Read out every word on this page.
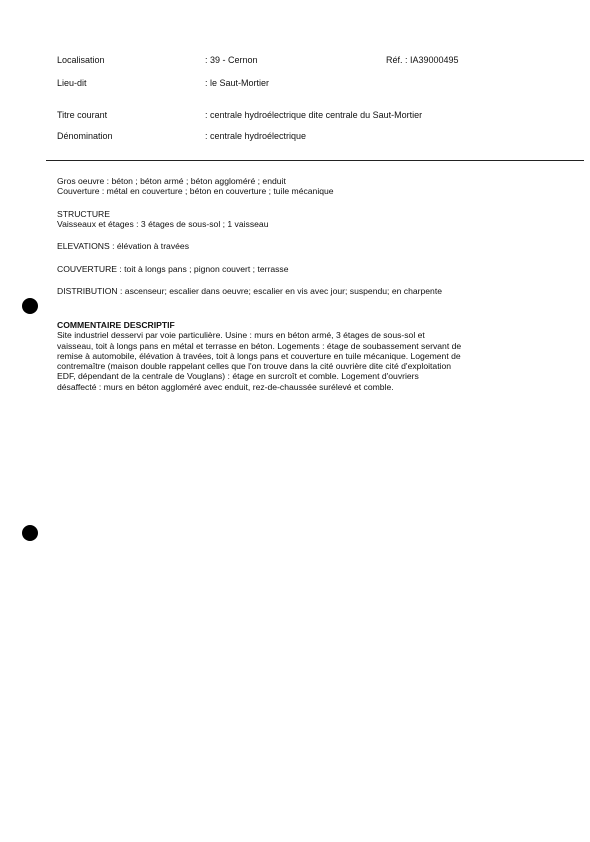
Localisation	: 39 - Cernon	Réf. : IA39000495
Lieu-dit	: le Saut-Mortier
Titre courant	: centrale hydroélectrique dite centrale du Saut-Mortier
Dénomination	: centrale hydroélectrique
Gros oeuvre : béton ; béton armé ; béton aggloméré ; enduit
Couverture : métal en couverture ; béton en couverture ; tuile mécanique
STRUCTURE
Vaisseaux et étages : 3 étages de sous-sol ; 1 vaisseau
ELEVATIONS : élévation à travées
COUVERTURE : toit à longs pans ; pignon couvert ; terrasse
DISTRIBUTION : ascenseur; escalier dans oeuvre; escalier en vis avec jour; suspendu; en charpente
COMMENTAIRE DESCRIPTIF
Site industriel desservi par voie particulière. Usine : murs en béton armé, 3 étages de sous-sol et
vaisseau, toit à longs pans en métal et terrasse en béton. Logements : étage de soubassement servant de
remise à automobile, élévation à travées, toit à longs pans et couverture en tuile mécanique. Logement de
contremaître (maison double rappelant celles que l'on trouve dans la cité ouvrière dite cité d'exploitation
EDF, dépendant de la centrale de Vouglans) : étage en surcroît et comble. Logement d'ouvriers
désaffecté : murs en béton aggloméré avec enduit, rez-de-chaussée surélevé et comble.
